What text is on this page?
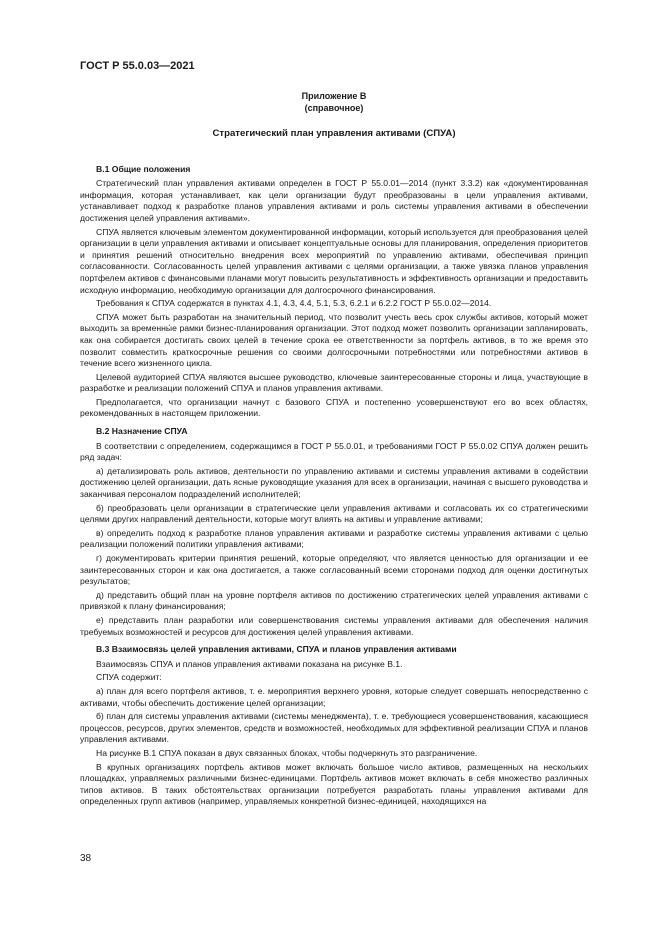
ГОСТ Р 55.0.03—2021
Приложение В
(справочное)
Стратегический план управления активами (СПУА)
В.1 Общие положения
Стратегический план управления активами определен в ГОСТ Р 55.0.01—2014 (пункт 3.3.2) как «документированная информация, которая устанавливает, как цели организации будут преобразованы в цели управления активами, устанавливает подход к разработке планов управления активами и роль системы управления активами в обеспечении достижения целей управления активами».
СПУА является ключевым элементом документированной информации, который используется для преобразования целей организации в цели управления активами и описывает концептуальные основы для планирования, определения приоритетов и принятия решений относительно внедрения всех мероприятий по управлению активами, обеспечивая принцип согласованности. Согласованность целей управления активами с целями организации, а также увязка планов управления портфелем активов с финансовыми планами могут повысить результативность и эффективность организации и предоставить исходную информацию, необходимую организации для долгосрочного финансирования.
Требования к СПУА содержатся в пунктах 4.1, 4.3, 4.4, 5.1, 5.3, 6.2.1 и 6.2.2 ГОСТ Р 55.0.02—2014.
СПУА может быть разработан на значительный период, что позволит учесть весь срок службы активов, который может выходить за временны́е рамки бизнес-планирования организации. Этот подход может позволить организации запланировать, как она собирается достигать своих целей в течение срока ее ответственности за портфель активов, в то же время это позволит совместить краткосрочные решения со своими долгосрочными потребностями или потребностями активов в течение всего жизненного цикла.
Целевой аудиторией СПУА являются высшее руководство, ключевые заинтересованные стороны и лица, участвующие в разработке и реализации положений СПУА и планов управления активами.
Предполагается, что организации начнут с базового СПУА и постепенно усовершенствуют его во всех областях, рекомендованных в настоящем приложении.
В.2 Назначение СПУА
В соответствии с определением, содержащимся в ГОСТ Р 55.0.01, и требованиями ГОСТ Р 55.0.02 СПУА должен решить ряд задач:
а) детализировать роль активов, деятельности по управлению активами и системы управления активами в содействии достижению целей организации, дать ясные руководящие указания для всех в организации, начиная с высшего руководства и заканчивая персоналом подразделений исполнителей;
б) преобразовать цели организации в стратегические цели управления активами и согласовать их со стратегическими целями других направлений деятельности, которые могут влиять на активы и управление активами;
в) определить подход к разработке планов управления активами и разработке системы управления активами с целью реализации положений политики управления активами;
г) документировать критерии принятия решений, которые определяют, что является ценностью для организации и ее заинтересованных сторон и как она достигается, а также согласованный всеми сторонами подход для оценки достигнутых результатов;
д) представить общий план на уровне портфеля активов по достижению стратегических целей управления активами с привязкой к плану финансирования;
е) представить план разработки или совершенствования системы управления активами для обеспечения наличия требуемых возможностей и ресурсов для достижения целей управления активами.
В.3 Взаимосвязь целей управления активами, СПУА и планов управления активами
Взаимосвязь СПУА и планов управления активами показана на рисунке В.1.
СПУА содержит:
а) план для всего портфеля активов, т. е. мероприятия верхнего уровня, которые следует совершать непосредственно с активами, чтобы обеспечить достижение целей организации;
б) план для системы управления активами (системы менеджмента), т. е. требующиеся усовершенствования, касающиеся процессов, ресурсов, других элементов, средств и возможностей, необходимых для эффективной реализации СПУА и планов управления активами.
На рисунке В.1 СПУА показан в двух связанных блоках, чтобы подчеркнуть это разграничение.
В крупных организациях портфель активов может включать большое число активов, размещенных на нескольких площадках, управляемых различными бизнес-единицами. Портфель активов может включать в себя множество различных типов активов. В таких обстоятельствах организации потребуется разработать планы управления активами для определенных групп активов (например, управляемых конкретной бизнес-единицей, находящихся на
38
